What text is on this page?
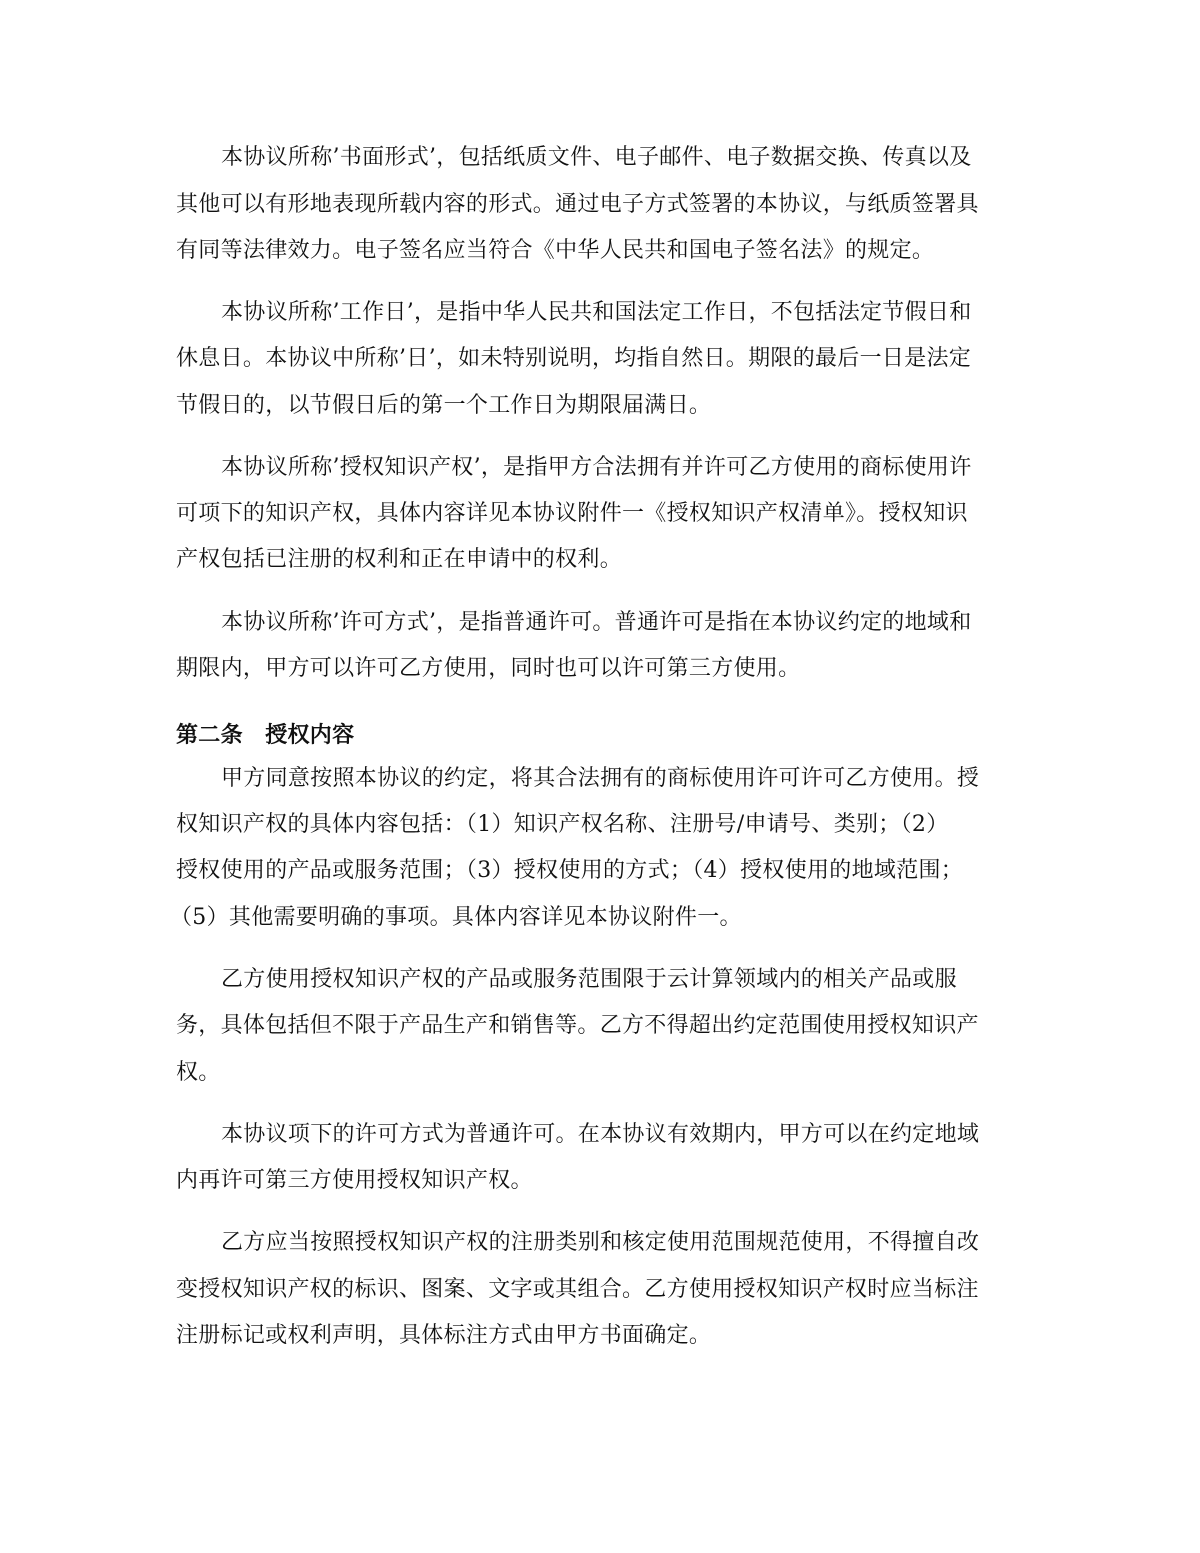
本协议所称’书面形式’，包括纸质文件、电子邮件、电子数据交换、传真以及
其他可以有形地表现所载内容的形式。通过电子方式签署的本协议，与纸质签署具
有同等法律效力。电子签名应当符合《中华人民共和国电子签名法》的规定。
本协议所称’工作日’，是指中华人民共和国法定工作日，不包括法定节假日和
休息日。本协议中所称’日’，如未特别说明，均指自然日。期限的最后一日是法定
节假日的，以节假日后的第一个工作日为期限届满日。
本协议所称’授权知识产权’，是指甲方合法拥有并许可乙方使用的商标使用许
可项下的知识产权，具体内容详见本协议附件一《授权知识产权清单》。授权知识
产权包括已注册的权利和正在申请中的权利。
本协议所称’许可方式’，是指普通许可。普通许可是指在本协议约定的地域和
期限内，甲方可以许可乙方使用，同时也可以许可第三方使用。
第二条　授权内容
甲方同意按照本协议的约定，将其合法拥有的商标使用许可许可乙方使用。授
权知识产权的具体内容包括：（1）知识产权名称、注册号/申请号、类别；（2）
授权使用的产品或服务范围；（3）授权使用的方式；（4）授权使用的地域范围；
（5）其他需要明确的事项。具体内容详见本协议附件一。
乙方使用授权知识产权的产品或服务范围限于云计算领域内的相关产品或服
务，具体包括但不限于产品生产和销售等。乙方不得超出约定范围使用授权知识产
权。
本协议项下的许可方式为普通许可。在本协议有效期内，甲方可以在约定地域
内再许可第三方使用授权知识产权。
乙方应当按照授权知识产权的注册类别和核定使用范围规范使用，不得擅自改
变授权知识产权的标识、图案、文字或其组合。乙方使用授权知识产权时应当标注
注册标记或权利声明，具体标注方式由甲方书面确定。
